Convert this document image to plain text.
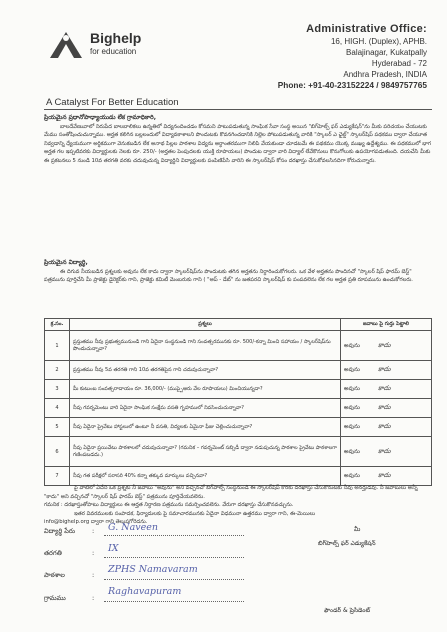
Bighelp
for education
A Catalyst For Better Education
Administrative Office:
16, HIGH. (Duplex), APHB.
Balajinagar, Kukatpally
Hyderabad - 72
Andhra Pradesh, INDIA
Phone: +91-40-23152224 / 9849757765
ప్రియమైన ప్రధానోపాధ్యాయుడు లేక గ్రామాధికారి,
బాలదేవేణువాలో నిరుపేద బాలబాలికలు ఉన్నతిలో విద్యనందించడం కోసమని పాటుపడుతున్న సాంఘిక సేవా సంస్థ అయిన "బిగ్‌హెల్ప్ ఫర్ ఎడ్యుకేషన్"ను మీకు పరిచయం చేయుటకు మేము సంతోషించుచున్నాము. అర్హత కలిగిన బల్లలందులో విద్యావకాశాలని పొందుటకు కొవనగించడానికి నిల్లెల పోటుపడుతున్న వారికి "స్కాలర్ ఎ ఛైల్డ్" స్కాలర్‌షిప్ పథకము ద్వారా చేయూత నివ్వడాన్ని ధ్యేయముగా అర్థికముగా వెనుకబడిన లేక అనాథ పిల్లల పాఠశాల విద్యను అర్థాంతరముగా నిలిపి వేయకుండా చూడటమే ఈ పథకము యొక్క ముఖ్య ఉద్దేశ్యము. ఈ పథకములో భాగ అర్హత గల ఇప్పటివరకు విద్యార్థులకు నెలకు రూ. 250/- (అర్హతల పెంపుదలకు యుక్తి రూపాయలు) పొందుట ద్వారా వారి విద్యాల్ లేవేకొనులు కొనుగోలుకు ఉపయోగపడుతుంది. దయచేసి మీకు ఈ ప్రకటనలు 5 నుండి 10వ తరగతి వరకు చదువుచున్న విద్యార్థిని విద్యార్థులకు పంపిణిపేసి వారిని ఈ స్కాలర్‌షిప్ కోసం దరఖాస్తు చేసుకోవలసినదిగా కోరుచున్నారు.
ప్రియమైన విద్యార్థి,
ఈ దిగువ నీయబడిన ప్రశ్నలకు అవును లేక కాదు ద్వారా స్కాలర్‌షిప్‌ను పొందుటకు తగిన అర్హతను నిర్ధారించుకోగలరు. ఒక వేళ అర్హతను పొందినచో "స్కాలర్ షిప్ ఫారమ్ బెస్ట్" పత్రమును పూర్తిచేసి మీ ప్రాజెక్టు డైరెక్టర్‌కు గాని, ప్రాజెక్టు కమిటీ మెంబరుకు గాని ( "అప్ - డేట్" ను జతపరచి స్కాలర్‌షిప్‌ కు పంపవలెను లేక గల అర్హత ప్రతి రూపమును ఉంచుకోగలరు.
క్ర.సం.	ప్రశ్నలు	జవాబు పై గుర్తు పెట్టాలి
1	ప్రస్తుతము నీవు ప్రభుత్వమునుండి గాని ఏదైనా సంస్థనుండి గాని సంవత్సరమునకు రూ. 500/-కన్నా మించి సహాయం / స్కాలర్‌షిప్‌ను పొందుచున్నావా?	అవును కాదు
2	ప్రస్తుతము నీవు 5వ తరగతి గాని 10వ తరగతిపైన గాని చదువుచున్నావా?	అవును కాదు
3	మీ కుటుంబ సంవత్సరాదాయం రూ. 36,000/- (ముప్పైఆరు వేల రూపాయలు) మించియున్నదా?	అవును కాదు
4	నీవు గవర్నమెంటు వారి ఏదైనా సాంఘిక సంక్షేమ వసతి గృహములో నివసించుచున్నావా?	అవును కాదు
5	నీవు ఏదైనా ప్రైవేటు హాస్టలులో ఉంటూ నీ వసతి, విద్యలకు ఏమైనా ఫీజు చెల్లించుచున్నావా?	అవును కాదు
6	నీవు ఏదైనా ప్రయివేటు పాఠశాలలో చదువుచున్నావా? (గమనిక – గవర్నమెంట్ సబ్సిడీ ద్వారా నడుపుచున్న పాఠశాల ప్రైవేటు పాఠశాలగా గణింపబడదు.)	అవును కాదు
7	నీవు గత పరీక్షలో సరాసరి 40% కన్నా తక్కువ మార్కులు వచ్చినవా?	అవును కాదు
పై వాటిలో ఏదేని ఒక ప్రశ్నకు నీ జవాబు "అవును" అని వచ్చినచో బిగ్‌హెల్ప్ సంస్థనుండి ఈ స్కాలర్‌షిప్ కొరకు దరఖాస్తు చేసుకొనుటకు నీవు అనర్హుడవు. నీ జవాబులు అన్నీ "కాదు" అని వచ్చినచో "స్కాలర్ షిప్ ఫారమ్ బెస్ట్" పత్రమును పూర్తిచేయవలెను.
గమనిక : దరఖాస్తుతోపాటు విద్యార్థులు ఈ ఆర్హత నిర్ధారణ పత్రమును సమర్పించవలెను. వేరుగా దరఖాస్తు చేసుకొనవచ్చును.
ఇతర వివరములకు సంపాదక, ఫిర్యాదులకు పై సమాచారమునకు ఏదైనా విధమునా ఉత్తరము ద్వారా గాని, ఈ-మెయిలు
info@bighelp.org ద్వారా గాని తెలుపగోరెదను.
విద్యార్థి పేరు	: G. Naveen
తరగతి	: IX
పాఠశాల	: ZPHS Namavaram
గ్రామము	:
Raghavapuram
మీ
బిగ్‌హెల్ప్ ఫర్ ఎడ్యుకేషన్
ఫౌండర్ & ప్రెసిడెంట్
